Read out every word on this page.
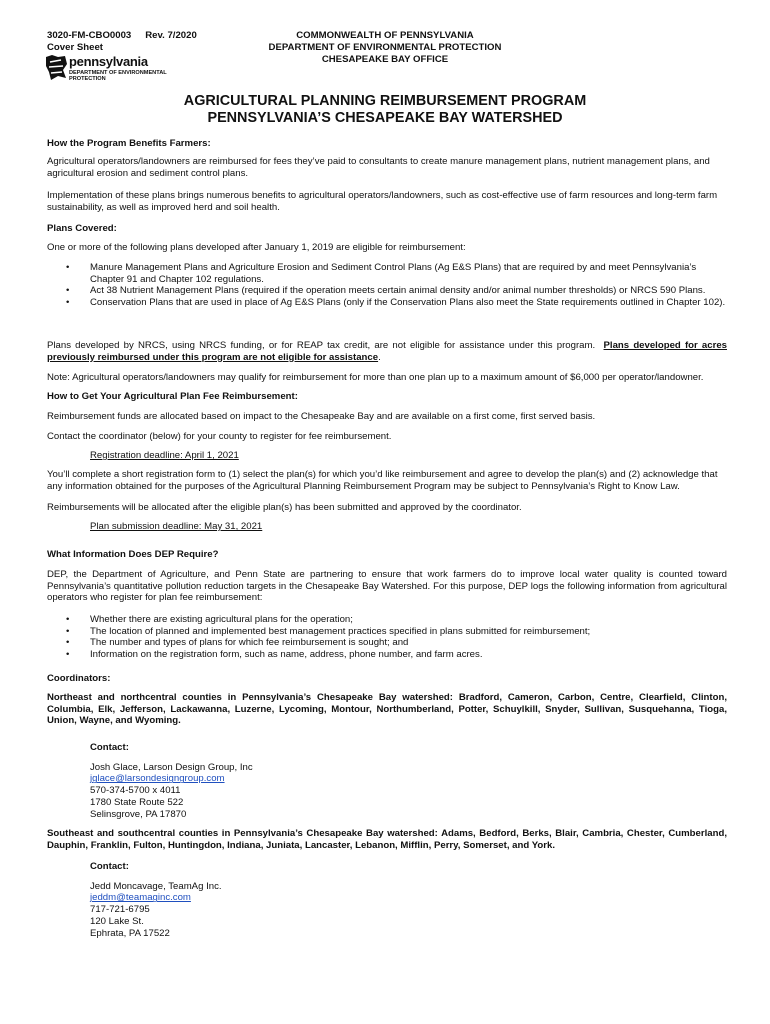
3020-FM-CBO0003 Rev. 7/2020
Cover Sheet
pennsylvania
DEPARTMENT OF ENVIRONMENTAL PROTECTION
COMMONWEALTH OF PENNSYLVANIA
DEPARTMENT OF ENVIRONMENTAL PROTECTION
CHESAPEAKE BAY OFFICE
AGRICULTURAL PLANNING REIMBURSEMENT PROGRAM
PENNSYLVANIA’S CHESAPEAKE BAY WATERSHED

How the Program Benefits Farmers:

Agricultural operators/landowners are reimbursed for fees they’ve paid to consultants to create manure management plans, nutrient management plans, and agricultural erosion and sediment control plans.

Implementation of these plans brings numerous benefits to agricultural operators/landowners, such as cost-effective use of farm resources and long-term farm sustainability, as well as improved herd and soil health.

Plans Covered:

One or more of the following plans developed after January 1, 2019 are eligible for reimbursement:

• Manure Management Plans and Agriculture Erosion and Sediment Control Plans (Ag E&S Plans) that are required by and meet Pennsylvania’s Chapter 91 and Chapter 102 regulations.
• Act 38 Nutrient Management Plans (required if the operation meets certain animal density and/or animal number thresholds) or NRCS 590 Plans.
• Conservation Plans that are used in place of Ag E&S Plans (only if the Conservation Plans also meet the State requirements outlined in Chapter 102).

Plans developed by NRCS, using NRCS funding, or for REAP tax credit, are not eligible for assistance under this program. Plans developed for acres previously reimbursed under this program are not eligible for assistance.

Note: Agricultural operators/landowners may qualify for reimbursement for more than one plan up to a maximum amount of $6,000 per operator/landowner.

How to Get Your Agricultural Plan Fee Reimbursement:

Reimbursement funds are allocated based on impact to the Chesapeake Bay and are available on a first come, first served basis.

Contact the coordinator (below) for your county to register for fee reimbursement.

Registration deadline: April 1, 2021

You’ll complete a short registration form to (1) select the plan(s) for which you’d like reimbursement and agree to develop the plan(s) and (2) acknowledge that any information obtained for the purposes of the Agricultural Planning Reimbursement Program may be subject to Pennsylvania’s Right to Know Law.

Reimbursements will be allocated after the eligible plan(s) has been submitted and approved by the coordinator.

Plan submission deadline: May 31, 2021

What Information Does DEP Require?

DEP, the Department of Agriculture, and Penn State are partnering to ensure that work farmers do to improve local water quality is counted toward Pennsylvania’s quantitative pollution reduction targets in the Chesapeake Bay Watershed. For this purpose, DEP logs the following information from agricultural operators who register for plan fee reimbursement:

• Whether there are existing agricultural plans for the operation;
• The location of planned and implemented best management practices specified in plans submitted for reimbursement;
• The number and types of plans for which fee reimbursement is sought; and
• Information on the registration form, such as name, address, phone number, and farm acres.

Coordinators:

Northeast and northcentral counties in Pennsylvania’s Chesapeake Bay watershed: Bradford, Cameron, Carbon, Centre, Clearfield, Clinton, Columbia, Elk, Jefferson, Lackawanna, Luzerne, Lycoming, Montour, Northumberland, Potter, Schuylkill, Snyder, Sullivan, Susquehanna, Tioga, Union, Wayne, and Wyoming.

Contact:

Josh Glace, Larson Design Group, Inc

jglace@larsondesigngroup.com

570-374-5700 x 4011

1780 State Route 522

Selinsgrove, PA 17870

Southeast and southcentral counties in Pennsylvania’s Chesapeake Bay watershed: Adams, Bedford, Berks, Blair, Cambria, Chester, Cumberland, Dauphin, Franklin, Fulton, Huntingdon, Indiana, Juniata, Lancaster, Lebanon, Mifflin, Perry, Somerset, and York.

Contact:

Jedd Moncavage, TeamAg Inc.

jeddm@teamaginc.com

717-721-6795

120 Lake St.

Ephrata, PA 17522
